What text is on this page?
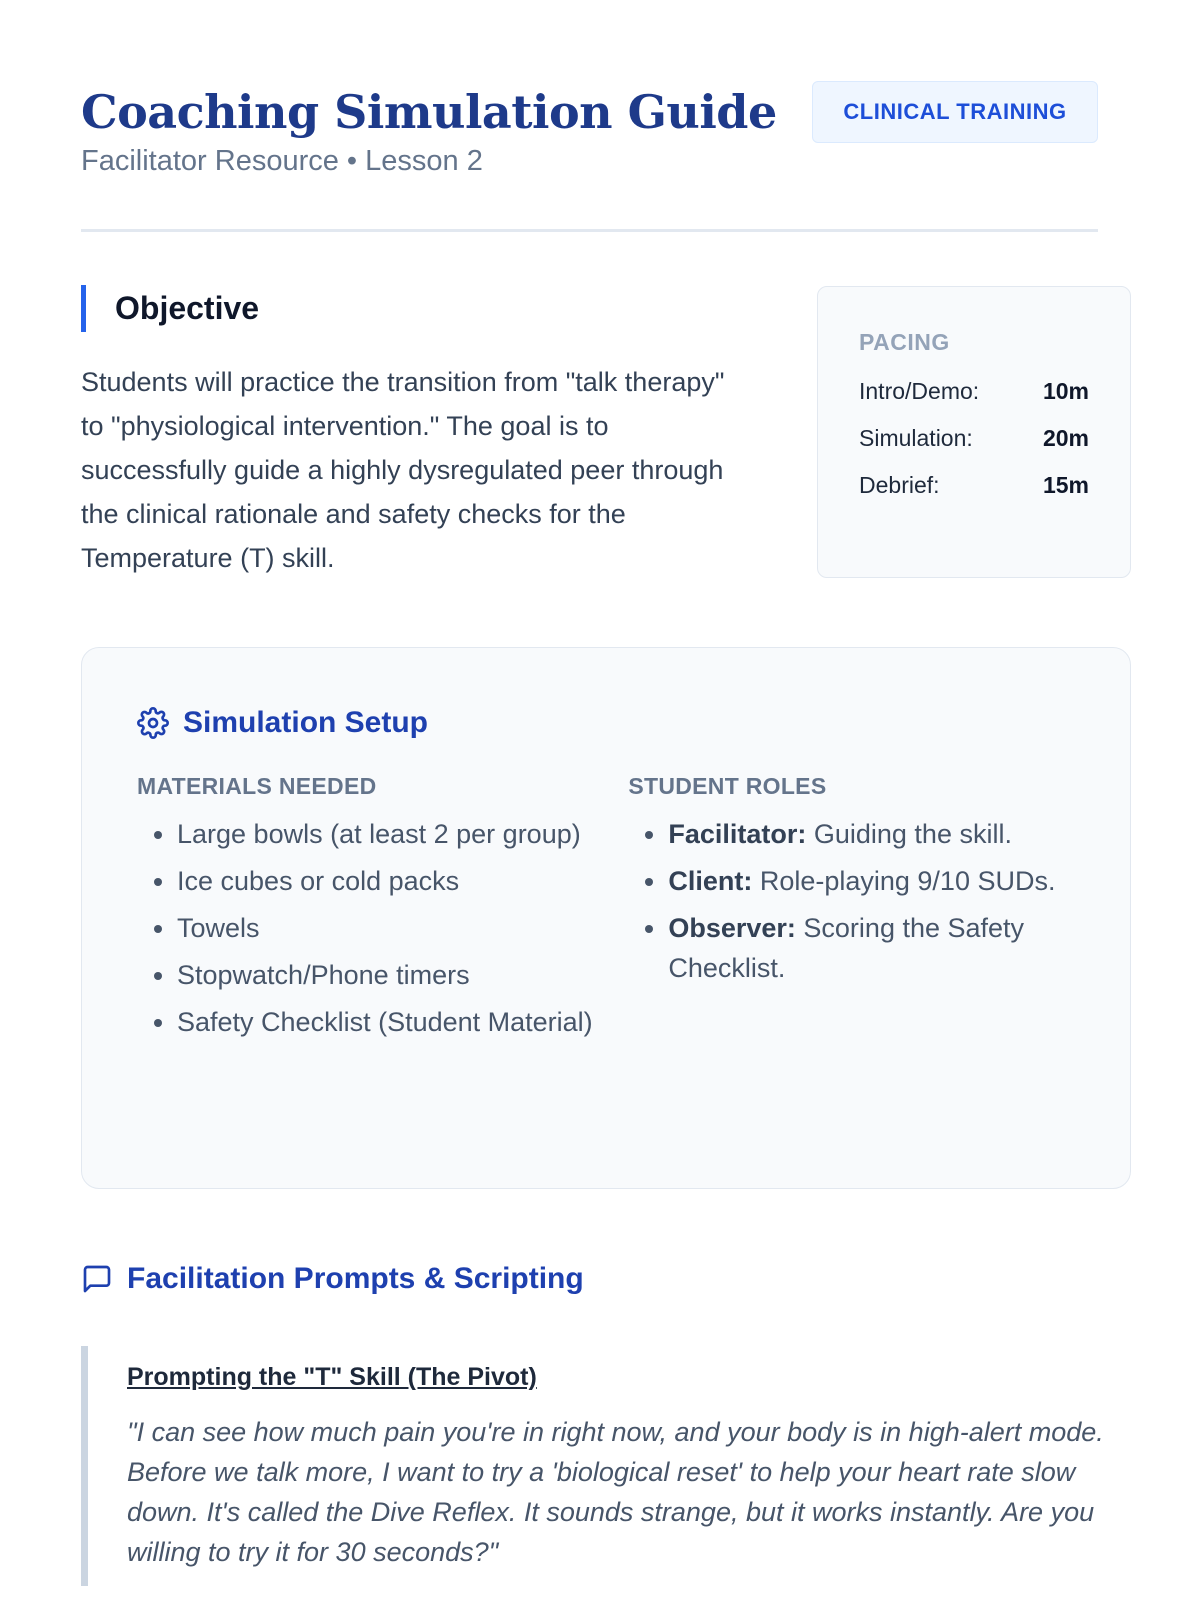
Coaching Simulation Guide
Facilitator Resource • Lesson 2
CLINICAL TRAINING
Objective

Students will practice the transition from "talk therapy" to "physiological intervention." The goal is to successfully guide a highly dysregulated peer through the clinical rationale and safety checks for the Temperature (T) skill.

PACING
Intro/Demo:	10m
Simulation:	20m
Debrief:	15m
Simulation Setup
MATERIALS NEEDED
• Large bowls (at least 2 per group)
• Ice cubes or cold packs
• Towels
• Stopwatch/Phone timers
• Safety Checklist (Student Material)
STUDENT ROLES
• Facilitator: Guiding the skill.
• Client: Role-playing 9/10 SUDs.
• Observer: Scoring the Safety Checklist.
Facilitation Prompts & Scripting
Prompting the "T" Skill (The Pivot)
"I can see how much pain you're in right now, and your body is in high-alert mode. Before we talk more, I want to try a 'biological reset' to help your heart rate slow down. It's called the Dive Reflex. It sounds strange, but it works instantly. Are you willing to try it for 30 seconds?"
